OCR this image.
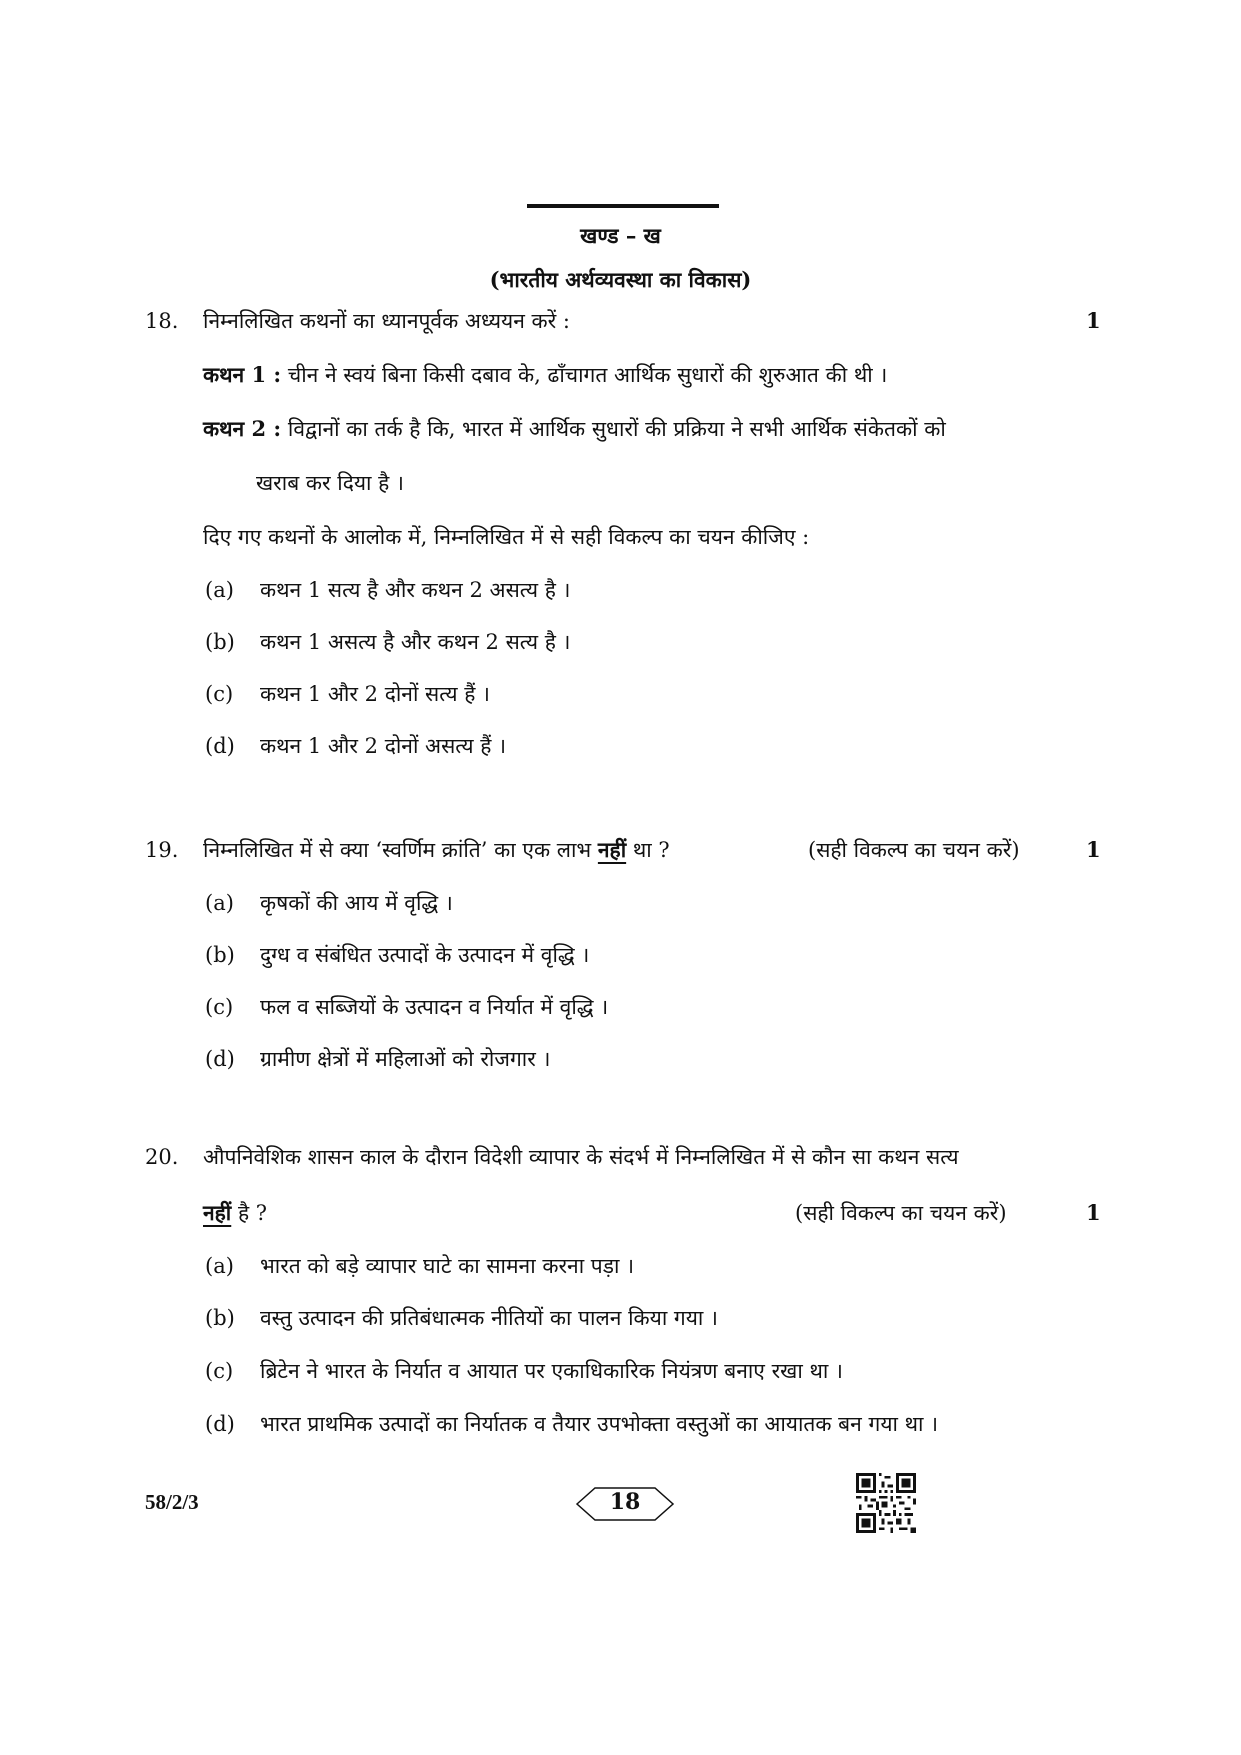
खण्ड – ख
(भारतीय अर्थव्यवस्था का विकास)
18. निम्नलिखित कथनों का ध्यानपूर्वक अध्ययन करें :	1
कथन 1 : चीन ने स्वयं बिना किसी दबाव के, ढाँचागत आर्थिक सुधारों की शुरुआत की थी ।
कथन 2 : विद्वानों का तर्क है कि, भारत में आर्थिक सुधारों की प्रक्रिया ने सभी आर्थिक संकेतकों को
खराब कर दिया है ।
दिए गए कथनों के आलोक में, निम्नलिखित में से सही विकल्प का चयन कीजिए :
(a) कथन 1 सत्य है और कथन 2 असत्य है ।
(b) कथन 1 असत्य है और कथन 2 सत्य है ।
(c) कथन 1 और 2 दोनों सत्य हैं ।
(d) कथन 1 और 2 दोनों असत्य हैं ।
19. निम्नलिखित में से क्या ‘स्वर्णिम क्रांति’ का एक लाभ नहीं था ?	(सही विकल्प का चयन करें)	1
(a) कृषकों की आय में वृद्धि ।
(b) दुग्ध व संबंधित उत्पादों के उत्पादन में वृद्धि ।
(c) फल व सब्जियों के उत्पादन व निर्यात में वृद्धि ।
(d) ग्रामीण क्षेत्रों में महिलाओं को रोजगार ।
20. औपनिवेशिक शासन काल के दौरान विदेशी व्यापार के संदर्भ में निम्नलिखित में से कौन सा कथन सत्य
नहीं है ?	(सही विकल्प का चयन करें)	1
(a) भारत को बड़े व्यापार घाटे का सामना करना पड़ा ।
(b) वस्तु उत्पादन की प्रतिबंधात्मक नीतियों का पालन किया गया ।
(c) ब्रिटेन ने भारत के निर्यात व आयात पर एकाधिकारिक नियंत्रण बनाए रखा था ।
(d) भारत प्राथमिक उत्पादों का निर्यातक व तैयार उपभोक्ता वस्तुओं का आयातक बन गया था ।
58/2/3	18
